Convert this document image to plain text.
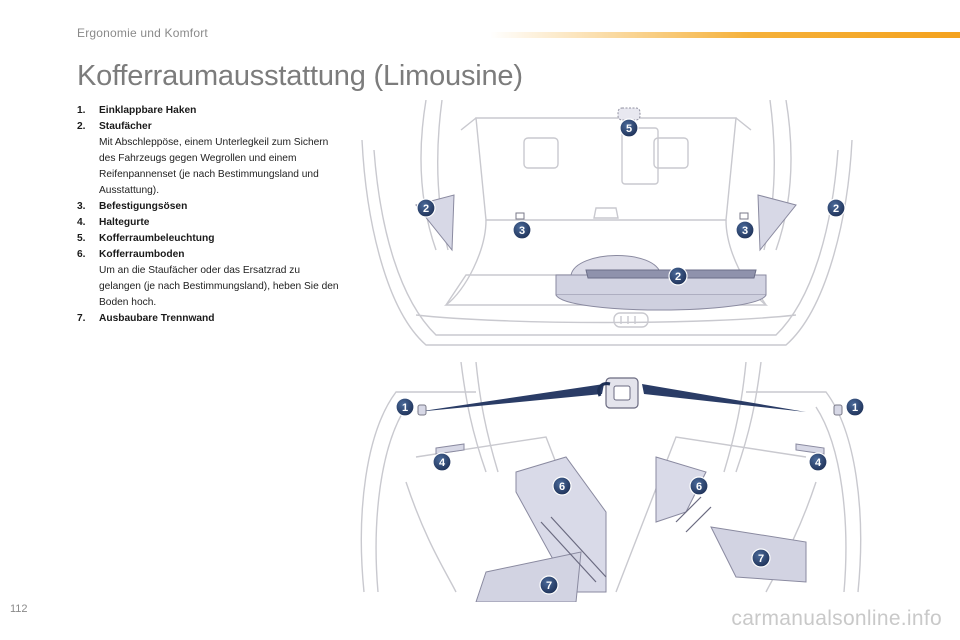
Ergonomie und Komfort
Kofferraumausstattung (Limousine)
1. Einklappbare Haken
2. Staufächer
Mit Abschleppöse, einem Unterlegkeil zum Sichern des Fahrzeugs gegen Wegrollen und einem Reifenpannenset (je nach Bestimmungsland und Ausstattung).
3. Befestigungsösen
4. Haltegurte
5. Kofferraumbeleuchtung
6. Kofferraumboden
Um an die Staufächer oder das Ersatzrad zu gelangen (je nach Bestimmungsland), heben Sie den Boden hoch.
7. Ausbaubare Trennwand
5
2	2
3	3
2
1	1
4	4
6	6
7
7
112	carmanualsonline.info
